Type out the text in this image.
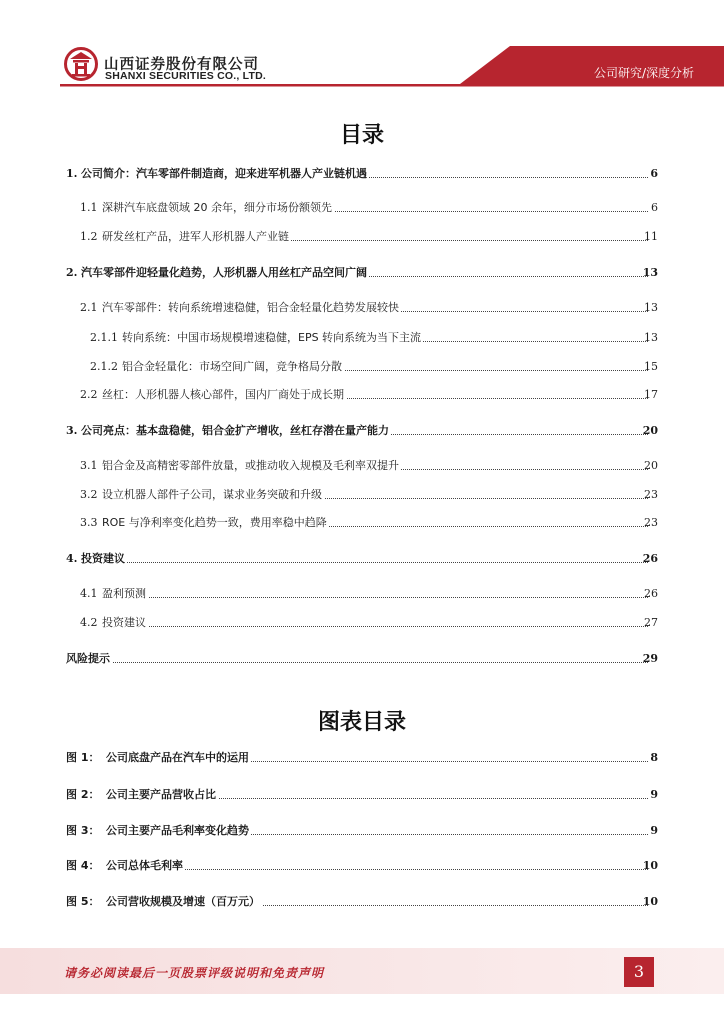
山西证券股份有限公司
SHANXI SECURITIES CO., LTD.	公司研究/深度分析
目录
1. 公司简介：汽车零部件制造商，迎来进军机器人产业链机遇	6
1.1 深耕汽车底盘领域 20 余年，细分市场份额领先	6
1.2 研发丝杠产品，进军人形机器人产业链	11
2. 汽车零部件迎轻量化趋势，人形机器人用丝杠产品空间广阔	13
2.1 汽车零部件：转向系统增速稳健，铝合金轻量化趋势发展较快	13
2.1.1 转向系统：中国市场规模增速稳健，EPS 转向系统为当下主流	13
2.1.2 铝合金轻量化：市场空间广阔，竞争格局分散	15
2.2 丝杠：人形机器人核心部件，国内厂商处于成长期	17
3. 公司亮点：基本盘稳健，铝合金扩产增收，丝杠存潜在量产能力	20
3.1 铝合金及高精密零部件放量，或推动收入规模及毛利率双提升	20
3.2 设立机器人部件子公司，谋求业务突破和升级	23
3.3 ROE 与净利率变化趋势一致，费用率稳中趋降	23
4. 投资建议	26
4.1 盈利预测	26
4.2 投资建议	27
风险提示	29
图表目录
图 1： 公司底盘产品在汽车中的运用	8
图 2： 公司主要产品营收占比	9
图 3： 公司主要产品毛利率变化趋势	9
图 4： 公司总体毛利率	10
图 5： 公司营收规模及增速（百万元）	10
请务必阅读最后一页股票评级说明和免责声明	3
